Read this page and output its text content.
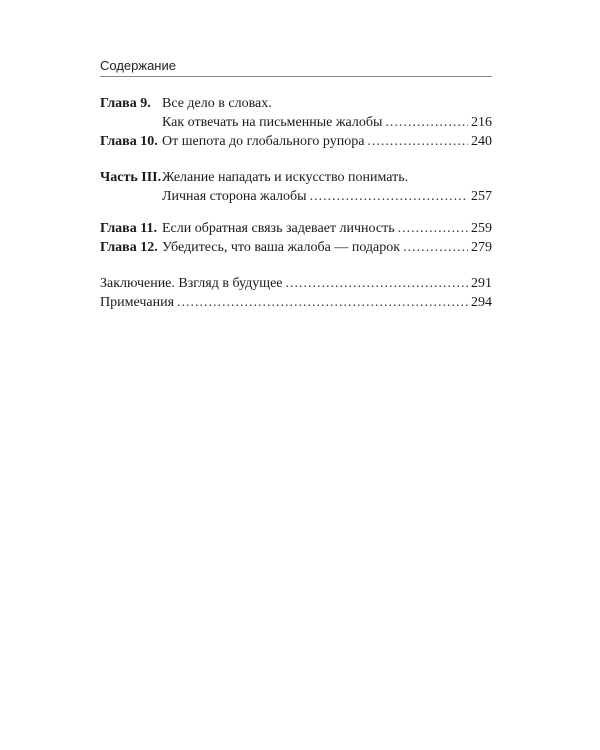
Содержание
Глава 9. Все дело в словах.
Как отвечать на письменные жалобы .....	216
Глава 10. От шепота до глобального рупора .....	240
Часть III. Желание нападать и искусство понимать.
Личная сторона жалобы .....	257
Глава 11. Если обратная связь задевает личность .....	259
Глава 12. Убедитесь, что ваша жалоба — подарок .....	279
Заключение. Взгляд в будущее .....	291
Примечания .....	294
